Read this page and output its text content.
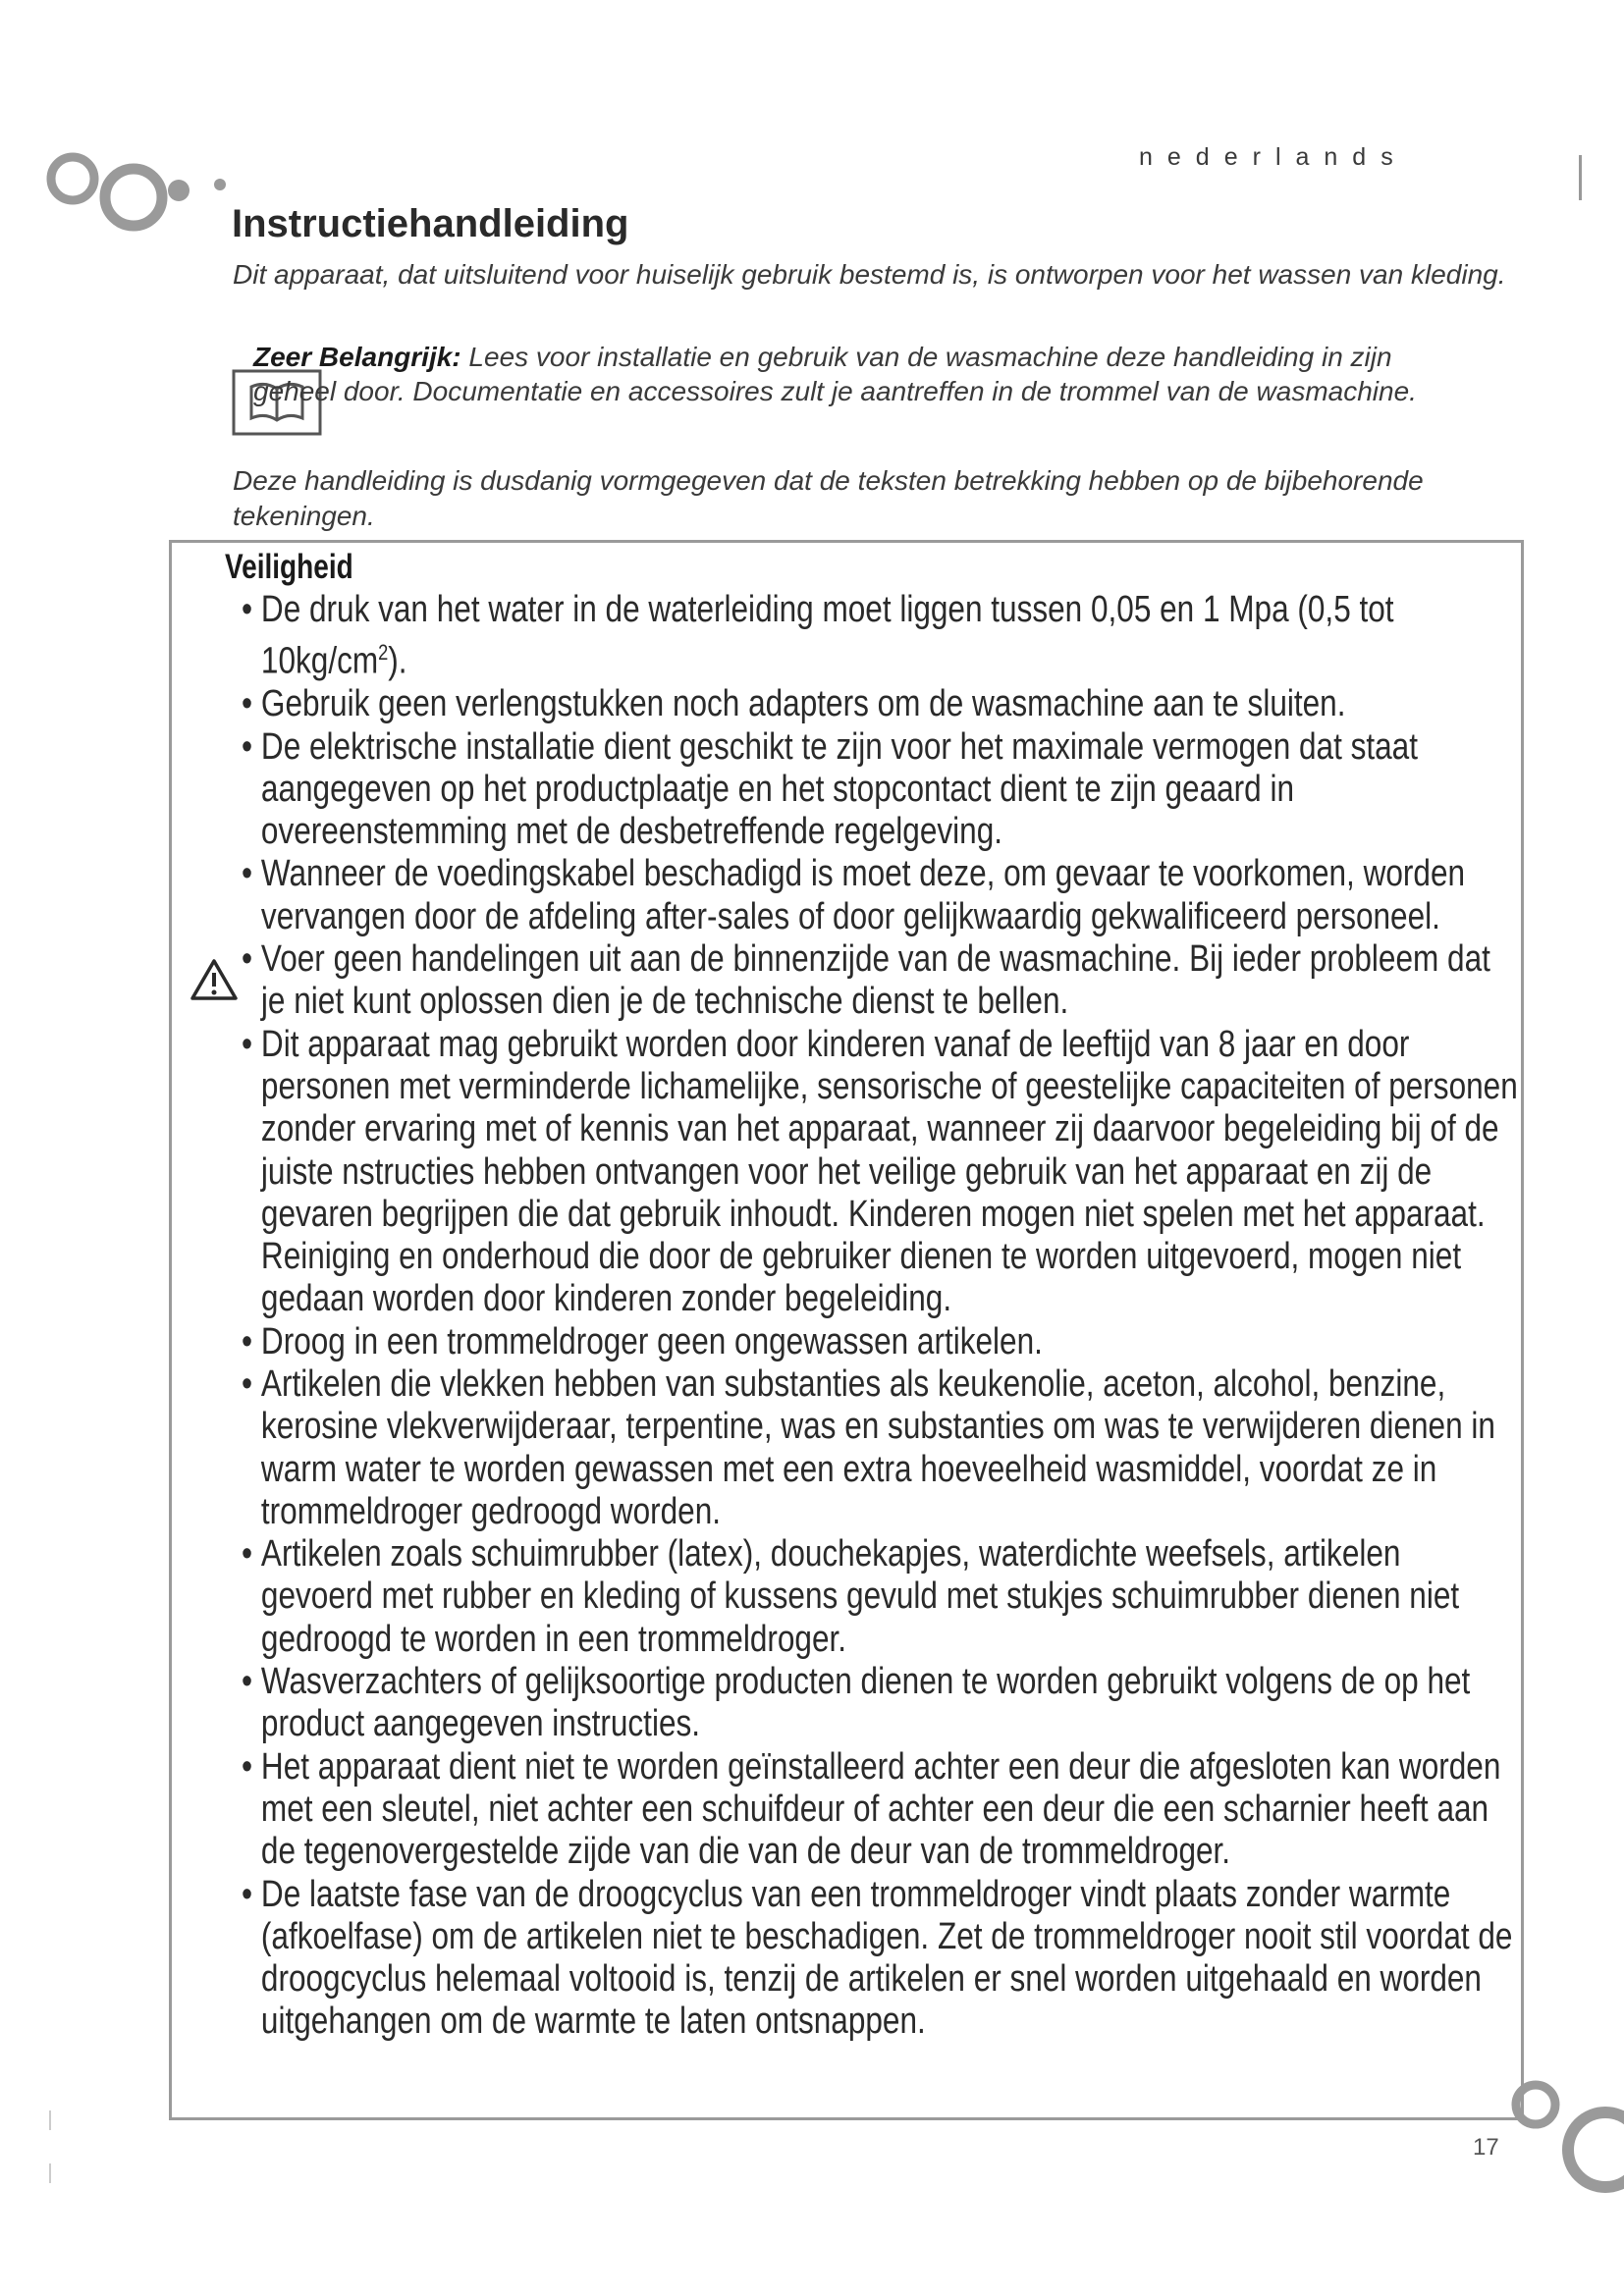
nederlands
Instructiehandleiding

Dit apparaat, dat uitsluitend voor huiselijk gebruik bestemd is, is ontworpen voor het wassen van kleding.

Zeer Belangrijk: Lees voor installatie en gebruik van de wasmachine deze handleiding in zijn geheel door. Documentatie en accessoires zult je aantreffen in de trommel van de wasmachine.

Deze handleiding is dusdanig vormgegeven dat de teksten betrekking hebben op de bijbehorende tekeningen.

Veiligheid
• De druk van het water in de waterleiding moet liggen tussen 0,05 en 1 Mpa (0,5 tot $10kg/cm^2$).
• Gebruik geen verlengstukken noch adapters om de wasmachine aan te sluiten.
• De elektrische installatie dient geschikt te zijn voor het maximale vermogen dat staat aangegeven op het productplaatje en het stopcontact dient te zijn geaard in overeenstemming met de desbetreffende regelgeving.
• Wanneer de voedingskabel beschadigd is moet deze, om gevaar te voorkomen, worden vervangen door de afdeling after-sales of door gelijkwaardig gekwalificeerd personeel.
• Voer geen handelingen uit aan de binnenzijde van de wasmachine. Bij ieder probleem dat je niet kunt oplossen dien je de technische dienst te bellen.
• Dit apparaat mag gebruikt worden door kinderen vanaf de leeftijd van 8 jaar en door personen met verminderde lichamelijke, sensorische of geestelijke capaciteiten of personen zonder ervaring met of kennis van het apparaat, wanneer zij daarvoor begeleiding bij of de juiste nstructies hebben ontvangen voor het veilige gebruik van het apparaat en zij de gevaren begrijpen die dat gebruik inhoudt. Kinderen mogen niet spelen met het apparaat. Reiniging en onderhoud die door de gebruiker dienen te worden uitgevoerd, mogen niet gedaan worden door kinderen zonder begeleiding.
• Droog in een trommeldroger geen ongewassen artikelen.
• Artikelen die vlekken hebben van substanties als keukenolie, aceton, alcohol, benzine, kerosine vlekverwijderaar, terpentine, was en substanties om was te verwijderen dienen in warm water te worden gewassen met een extra hoeveelheid wasmiddel, voordat ze in trommeldroger gedroogd worden.
• Artikelen zoals schuimrubber (latex), douchekapjes, waterdichte weefsels, artikelen gevoerd met rubber en kleding of kussens gevuld met stukjes schuimrubber dienen niet gedroogd te worden in een trommeldroger.
• Wasverzachters of gelijksoortige producten dienen te worden gebruikt volgens de op het product aangegeven instructies.
• Het apparaat dient niet te worden geïnstalleerd achter een deur die afgesloten kan worden met een sleutel, niet achter een schuifdeur of achter een deur die een scharnier heeft aan de tegenovergestelde zijde van die van de deur van de trommeldroger.
• De laatste fase van de droogcyclus van een trommeldroger vindt plaats zonder warmte (afkoelfase) om de artikelen niet te beschadigen. Zet de trommeldroger nooit stil voordat de droogcyclus helemaal voltooid is, tenzij de artikelen er snel worden uitgehaald en worden uitgehangen om de warmte te laten ontsnappen.
17
